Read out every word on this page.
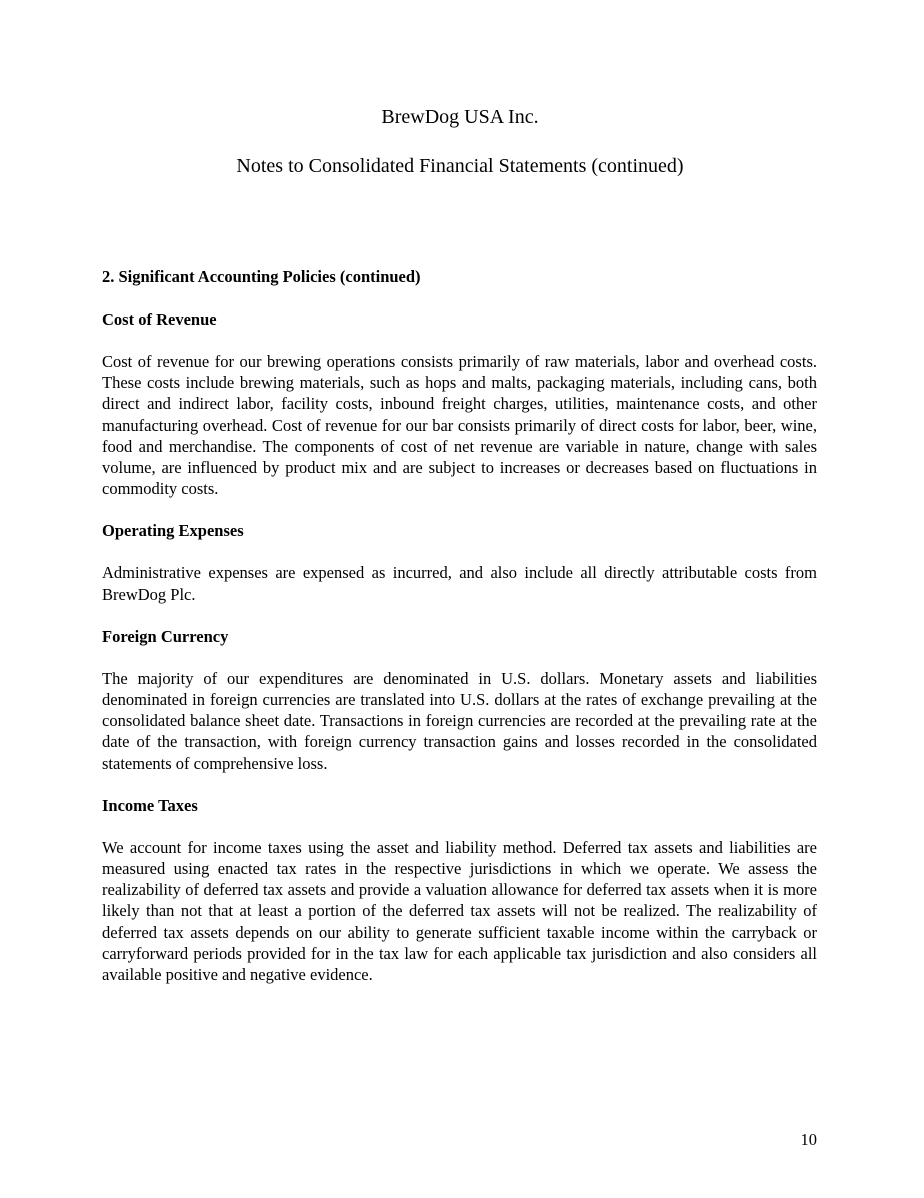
BrewDog USA Inc.
Notes to Consolidated Financial Statements (continued)
2. Significant Accounting Policies (continued)
Cost of Revenue
Cost of revenue for our brewing operations consists primarily of raw materials, labor and overhead costs. These costs include brewing materials, such as hops and malts, packaging materials, including cans, both direct and indirect labor, facility costs, inbound freight charges, utilities, maintenance costs, and other manufacturing overhead. Cost of revenue for our bar consists primarily of direct costs for labor, beer, wine, food and merchandise. The components of cost of net revenue are variable in nature, change with sales volume, are influenced by product mix and are subject to increases or decreases based on fluctuations in commodity costs.
Operating Expenses
Administrative expenses are expensed as incurred, and also include all directly attributable costs from BrewDog Plc.
Foreign Currency
The majority of our expenditures are denominated in U.S. dollars. Monetary assets and liabilities denominated in foreign currencies are translated into U.S. dollars at the rates of exchange prevailing at the consolidated balance sheet date. Transactions in foreign currencies are recorded at the prevailing rate at the date of the transaction, with foreign currency transaction gains and losses recorded in the consolidated statements of comprehensive loss.
Income Taxes
We account for income taxes using the asset and liability method. Deferred tax assets and liabilities are measured using enacted tax rates in the respective jurisdictions in which we operate. We assess the realizability of deferred tax assets and provide a valuation allowance for deferred tax assets when it is more likely than not that at least a portion of the deferred tax assets will not be realized. The realizability of deferred tax assets depends on our ability to generate sufficient taxable income within the carryback or carryforward periods provided for in the tax law for each applicable tax jurisdiction and also considers all available positive and negative evidence.
10
